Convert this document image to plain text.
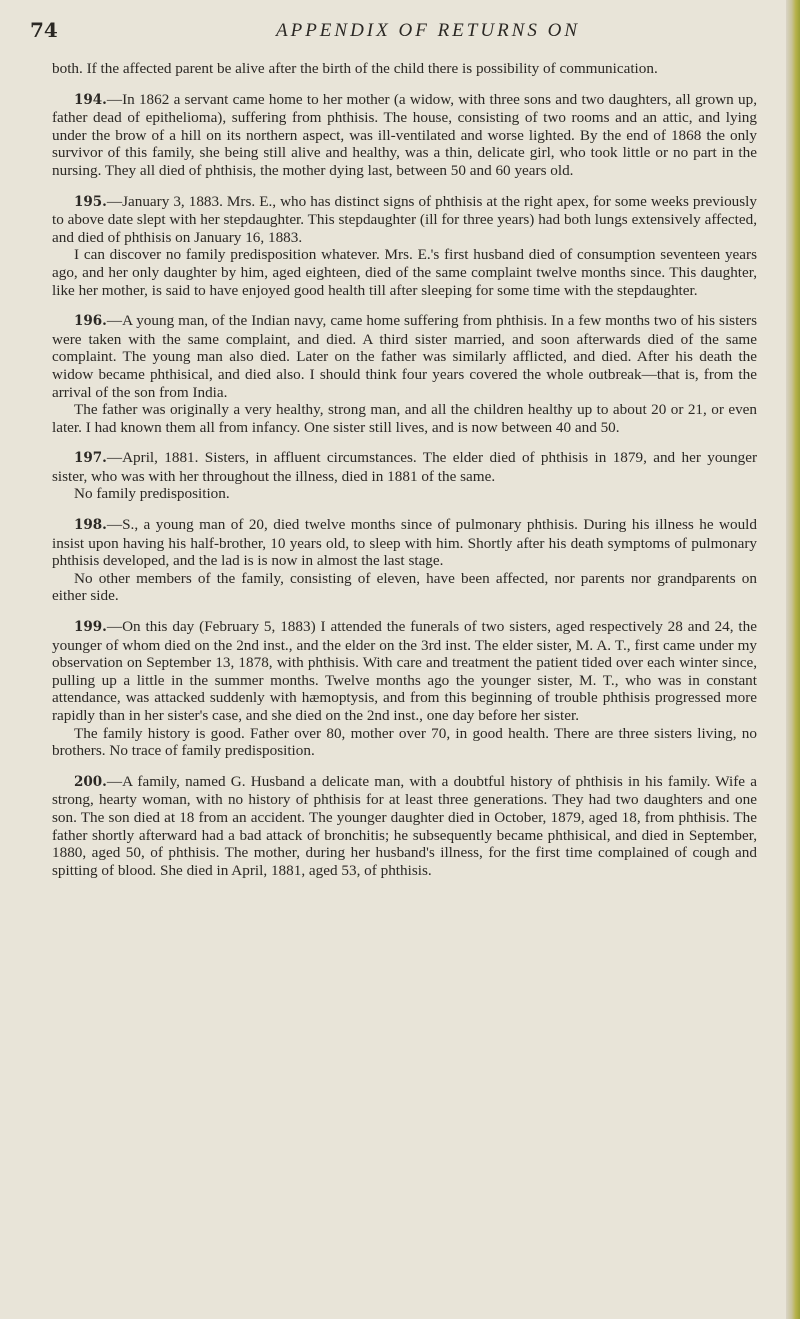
74	APPENDIX OF RETURNS ON

both. If the affected parent be alive after the birth of the child there is possibility of communication.

194.—In 1862 a servant came home to her mother (a widow, with three sons and two daughters, all grown up, father dead of epithelioma), suffering from phthisis. The house, consisting of two rooms and an attic, and lying under the brow of a hill on its northern aspect, was ill-ventilated and worse lighted. By the end of 1868 the only survivor of this family, she being still alive and healthy, was a thin, delicate girl, who took little or no part in the nursing. They all died of phthisis, the mother dying last, between 50 and 60 years old.

195.—January 3, 1883. Mrs. E., who has distinct signs of phthisis at the right apex, for some weeks previously to above date slept with her stepdaughter. This stepdaughter (ill for three years) had both lungs extensively affected, and died of phthisis on January 16, 1883.

I can discover no family predisposition whatever. Mrs. E.'s first husband died of consumption seventeen years ago, and her only daughter by him, aged eighteen, died of the same complaint twelve months since. This daughter, like her mother, is said to have enjoyed good health till after sleeping for some time with the stepdaughter.

196.—A young man, of the Indian navy, came home suffering from phthisis. In a few months two of his sisters were taken with the same complaint, and died. A third sister married, and soon afterwards died of the same complaint. The young man also died. Later on the father was similarly afflicted, and died. After his death the widow became phthisical, and died also. I should think four years covered the whole outbreak—that is, from the arrival of the son from India.

The father was originally a very healthy, strong man, and all the children healthy up to about 20 or 21, or even later. I had known them all from infancy. One sister still lives, and is now between 40 and 50.

197.—April, 1881. Sisters, in affluent circumstances. The elder died of phthisis in 1879, and her younger sister, who was with her throughout the illness, died in 1881 of the same.

No family predisposition.

198.—S., a young man of 20, died twelve months since of pulmonary phthisis. During his illness he would insist upon having his half-brother, 10 years old, to sleep with him. Shortly after his death symptoms of pulmonary phthisis developed, and the lad is is now in almost the last stage.

No other members of the family, consisting of eleven, have been affected, nor parents nor grandparents on either side.

199.—On this day (February 5, 1883) I attended the funerals of two sisters, aged respectively 28 and 24, the younger of whom died on the 2nd inst., and the elder on the 3rd inst. The elder sister, M. A. T., first came under my observation on September 13, 1878, with phthisis. With care and treatment the patient tided over each winter since, pulling up a little in the summer months. Twelve months ago the younger sister, M. T., who was in constant attendance, was attacked suddenly with hæmoptysis, and from this beginning of trouble phthisis progressed more rapidly than in her sister's case, and she died on the 2nd inst., one day before her sister.

The family history is good. Father over 80, mother over 70, in good health. There are three sisters living, no brothers. No trace of family predisposition.

200.—A family, named G. Husband a delicate man, with a doubtful history of phthisis in his family. Wife a strong, hearty woman, with no history of phthisis for at least three generations. They had two daughters and one son. The son died at 18 from an accident. The younger daughter died in October, 1879, aged 18, from phthisis. The father shortly afterward had a bad attack of bronchitis; he subsequently became phthisical, and died in September, 1880, aged 50, of phthisis. The mother, during her husband's illness, for the first time complained of cough and spitting of blood. She died in April, 1881, aged 53, of phthisis.
